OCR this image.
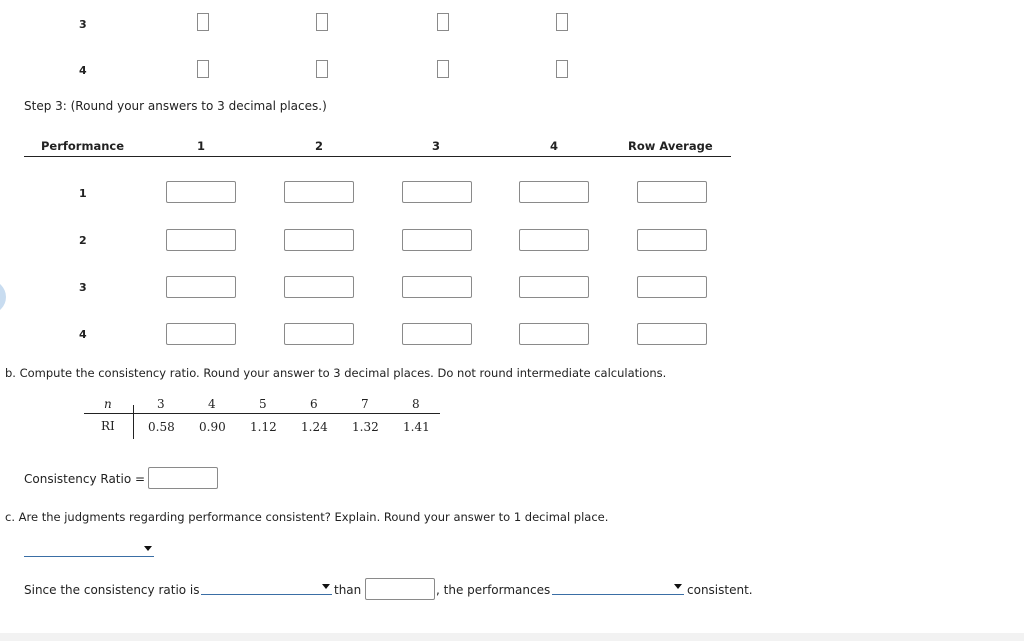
3
4
Step 3: (Round your answers to 3 decimal places.)
Performance	1	2	3	4	Row Average
1
2
3
4
b. Compute the consistency ratio. Round your answer to 3 decimal places. Do not round intermediate calculations.
n	3	4	5	6	7	8
RI	0.58 0.90 1.12 1.24 1.32 1.41
Consistency Ratio =
c. Are the judgments regarding performance consistent? Explain. Round your answer to 1 decimal place.
Since the consistency ratio is	than	, the performances	consistent.
